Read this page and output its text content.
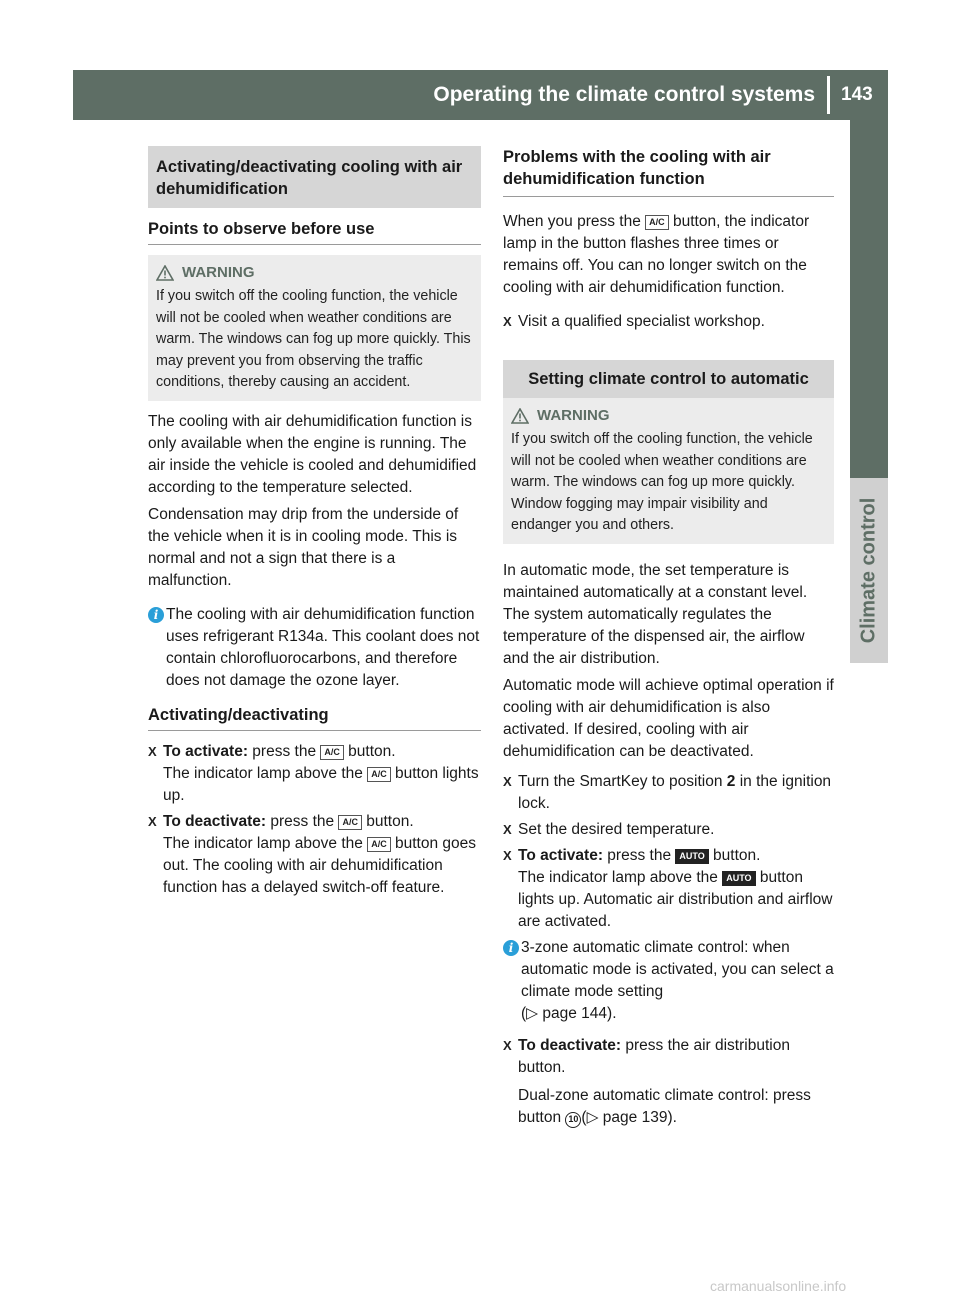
Operating the climate control systems	143
Climate control
Activating/deactivating cooling with air dehumidification
Points to observe before use
WARNING
If you switch off the cooling function, the vehicle will not be cooled when weather conditions are warm. The windows can fog up more quickly. This may prevent you from observing the traffic conditions, thereby causing an accident.
The cooling with air dehumidification function is only available when the engine is running. The air inside the vehicle is cooled and dehumidified according to the temperature selected.
Condensation may drip from the underside of the vehicle when it is in cooling mode. This is normal and not a sign that there is a malfunction.
i The cooling with air dehumidification function uses refrigerant R134a. This coolant does not contain chlorofluorocarbons, and therefore does not damage the ozone layer.
Activating/deactivating
X To activate: press the A/C button.
The indicator lamp above the A/C button lights up.
X To deactivate: press the A/C button.
The indicator lamp above the A/C button goes out. The cooling with air dehumidification function has a delayed switch-off feature.
Problems with the cooling with air dehumidification function
When you press the A/C button, the indicator lamp in the button flashes three times or remains off. You can no longer switch on the cooling with air dehumidification function.
X Visit a qualified specialist workshop.
Setting climate control to automatic
WARNING
If you switch off the cooling function, the vehicle will not be cooled when weather conditions are warm. The windows can fog up more quickly. Window fogging may impair visibility and endanger you and others.
In automatic mode, the set temperature is maintained automatically at a constant level. The system automatically regulates the temperature of the dispensed air, the airflow and the air distribution.
Automatic mode will achieve optimal operation if cooling with air dehumidification is also activated. If desired, cooling with air dehumidification can be deactivated.
X Turn the SmartKey to position 2 in the ignition lock.
X Set the desired temperature.
X To activate: press the AUTO button.
The indicator lamp above the AUTO button lights up. Automatic air distribution and airflow are activated.
i 3-zone automatic climate control: when automatic mode is activated, you can select a climate mode setting
(▷ page 144).
X To deactivate: press the air distribution button.
Dual-zone automatic climate control: press button 10 (▷ page 139).
carmanualsonline.info
